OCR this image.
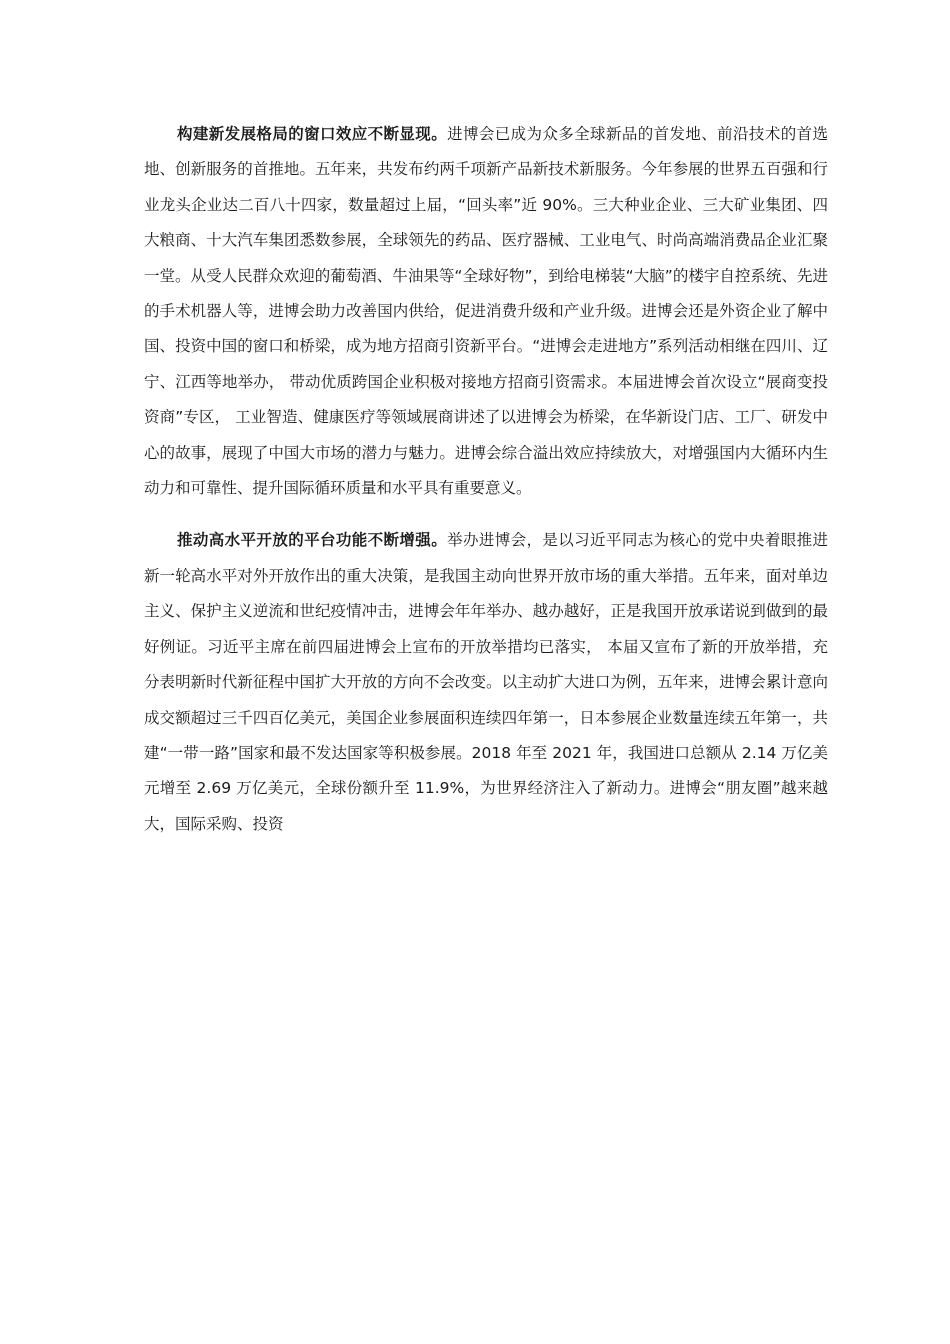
构建新发展格局的窗口效应不断显现。进博会已成为众多全球新品的首发地、前沿技术的首选地、创新服务的首推地。五年来，共发布约两千项新产品新技术新服务。今年参展的世界五百强和行业龙头企业达二百八十四家，数量超过上届，“回头率”近 90%。三大种业企业、三大矿业集团、四大粮商、十大汽车集团悉数参展，全球领先的药品、医疗器械、工业电气、时尚高端消费品企业汇聚一堂。从受人民群众欢迎的葡萄酒、牛油果等“全球好物”，到给电梯装“大脑”的楼宇自控系统、先进的手术机器人等，进博会助力改善国内供给，促进消费升级和产业升级。进博会还是外资企业了解中国、投资中国的窗口和桥梁，成为地方招商引资新平台。“进博会走进地方”系列活动相继在四川、辽宁、江西等地举办， 带动优质跨国企业积极对接地方招商引资需求。本届进博会首次设立“展商变投资商”专区， 工业智造、健康医疗等领域展商讲述了以进博会为桥梁，在华新设门店、工厂、研发中心的故事，展现了中国大市场的潜力与魅力。进博会综合溢出效应持续放大，对增强国内大循环内生动力和可靠性、提升国际循环质量和水平具有重要意义。

推动高水平开放的平台功能不断增强。举办进博会，是以习近平同志为核心的党中央着眼推进新一轮高水平对外开放作出的重大决策，是我国主动向世界开放市场的重大举措。五年来，面对单边主义、保护主义逆流和世纪疫情冲击，进博会年年举办、越办越好，正是我国开放承诺说到做到的最好例证。习近平主席在前四届进博会上宣布的开放举措均已落实， 本届又宣布了新的开放举措，充分表明新时代新征程中国扩大开放的方向不会改变。以主动扩大进口为例，五年来，进博会累计意向成交额超过三千四百亿美元，美国企业参展面积连续四年第一，日本参展企业数量连续五年第一，共建“一带一路”国家和最不发达国家等积极参展。2018 年至 2021 年，我国进口总额从 2.14 万亿美元增至 2.69 万亿美元，全球份额升至 11.9%，为世界经济注入了新动力。进博会“朋友圈”越来越大，国际采购、投资
